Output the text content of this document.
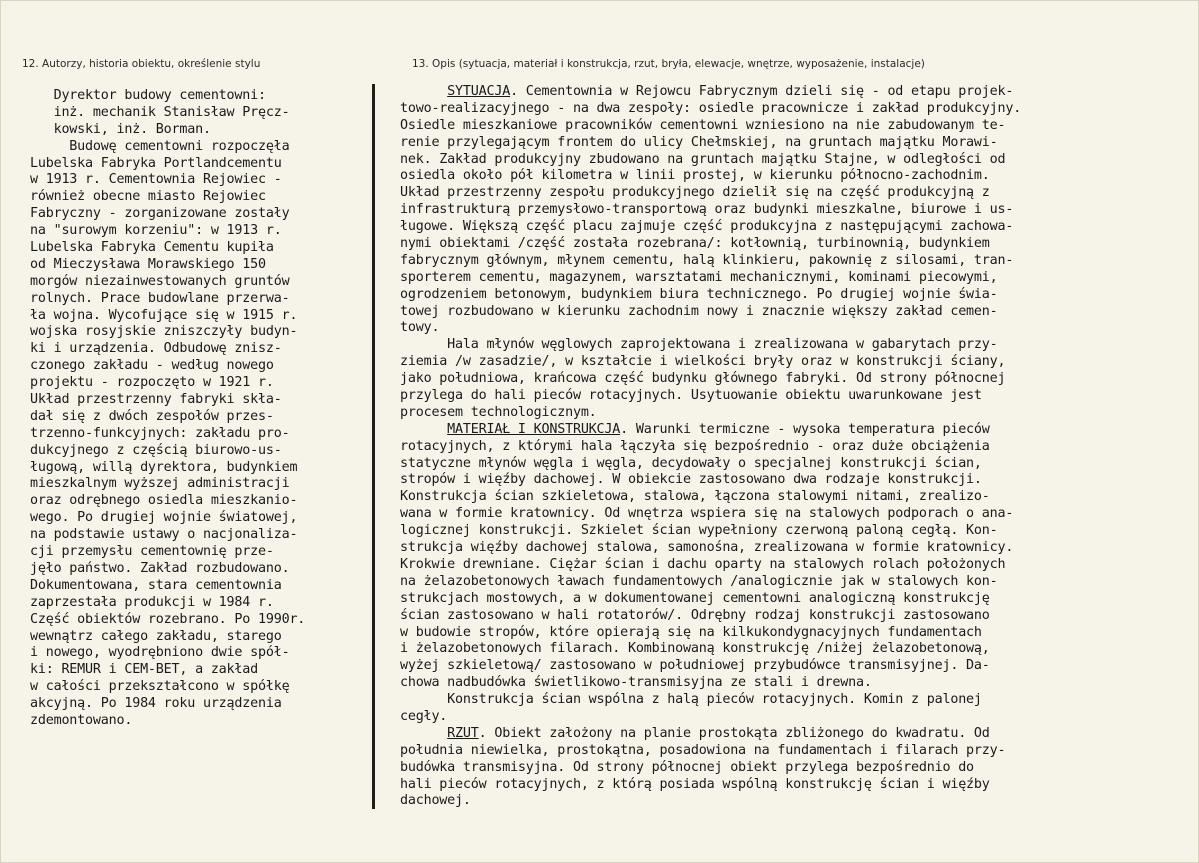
12. Autorzy, historia obiektu, określenie stylu	13. Opis (sytuacja, materiał i konstrukcja, rzut, bryła, elewacje, wnętrze, wyposażenie, instalacje)
Dyrektor budowy cementowni:
inż. mechanik Stanisław Pręcz-
kowski, inż. Borman.
Budowę cementowni rozpoczęła
Lubelska Fabryka Portlandcementu
w 1913 r. Cementownia Rejowiec -
również obecne miasto Rejowiec
Fabryczny - zorganizowane zostały
na "surowym korzeniu": w 1913 r.
Lubelska Fabryka Cementu kupiła
od Mieczysława Morawskiego 150
morgów niezainwestowanych gruntów
rolnych. Prace budowlane przerwa-
ła wojna. Wycofujące się w 1915 r.
wojska rosyjskie zniszczyły budyn-
ki i urządzenia. Odbudowę znisz-
czonego zakładu - według nowego
projektu - rozpoczęto w 1921 r.
Układ przestrzenny fabryki skła-
dał się z dwóch zespołów przes-
trzenno-funkcyjnych: zakładu pro-
dukcyjnego z częścią biurowo-us-
ługową, willą dyrektora, budynkiem
mieszkalnym wyższej administracji
oraz odrębnego osiedla mieszkanio-
wego. Po drugiej wojnie światowej,
na podstawie ustawy o nacjonaliza-
cji przemysłu cementownię prze-
jęło państwo. Zakład rozbudowano.
Dokumentowana, stara cementownia
zaprzestała produkcji w 1984 r.
Część obiektów rozebrano. Po 1990r.
wewnątrz całego zakładu, starego
i nowego, wyodrębniono dwie spół-
ki: REMUR i CEM-BET, a zakład
w całości przekształcono w spółkę
akcyjną. Po 1984 roku urządzenia
zdemontowano.
SYTUACJA. Cementownia w Rejowcu Fabrycznym dzieli się - od etapu projek-
towo-realizacyjnego - na dwa zespoły: osiedle pracownicze i zakład produkcyjny.
Osiedle mieszkaniowe pracowników cementowni wzniesiono na nie zabudowanym te-
renie przylegającym frontem do ulicy Chełmskiej, na gruntach majątku Morawi-
nek. Zakład produkcyjny zbudowano na gruntach majątku Stajne, w odległości od
osiedla około pół kilometra w linii prostej, w kierunku północno-zachodnim.
Układ przestrzenny zespołu produkcyjnego dzielił się na część produkcyjną z
infrastrukturą przemysłowo-transportową oraz budynki mieszkalne, biurowe i us-
ługowe. Większą część placu zajmuje część produkcyjna z następującymi zachowa-
nymi obiektami /część została rozebrana/: kotłownią, turbinownią, budynkiem
fabrycznym głównym, młynem cementu, halą klinkieru, pakownię z silosami, tran-
sporterem cementu, magazynem, warsztatami mechanicznymi, kominami piecowymi,
ogrodzeniem betonowym, budynkiem biura technicznego. Po drugiej wojnie świa-
towej rozbudowano w kierunku zachodnim nowy i znacznie większy zakład cemen-
towy.
Hala młynów węglowych zaprojektowana i zrealizowana w gabarytach przy-
ziemia /w zasadzie/, w kształcie i wielkości bryły oraz w konstrukcji ściany,
jako południowa, krańcowa część budynku głównego fabryki. Od strony północnej
przylega do hali pieców rotacyjnych. Usytuowanie obiektu uwarunkowane jest
procesem technologicznym.
MATERIAŁ I KONSTRUKCJA. Warunki termiczne - wysoka temperatura pieców
rotacyjnych, z którymi hala łączyła się bezpośrednio - oraz duże obciążenia
statyczne młynów węgla i węgla, decydowały o specjalnej konstrukcji ścian,
stropów i więźby dachowej. W obiekcie zastosowano dwa rodzaje konstrukcji.
Konstrukcja ścian szkieletowa, stalowa, łączona stalowymi nitami, zrealizo-
wana w formie kratownicy. Od wnętrza wspiera się na stalowych podporach o ana-
logicznej konstrukcji. Szkielet ścian wypełniony czerwoną paloną cegłą. Kon-
strukcja więźby dachowej stalowa, samonośna, zrealizowana w formie kratownicy.
Krokwie drewniane. Ciężar ścian i dachu oparty na stalowych rolach położonych
na żelazobetonowych ławach fundamentowych /analogicznie jak w stalowych kon-
strukcjach mostowych, a w dokumentowanej cementowni analogiczną konstrukcję
ścian zastosowano w hali rotatorów/. Odrębny rodzaj konstrukcji zastosowano
w budowie stropów, które opierają się na kilkukondygnacyjnych fundamentach
i żelazobetonowych filarach. Kombinowaną konstrukcję /niżej żelazobetonową,
wyżej szkieletową/ zastosowano w południowej przybudówce transmisyjnej. Da-
chowa nadbudówka świetlikowo-transmisyjna ze stali i drewna.
Konstrukcja ścian wspólna z halą pieców rotacyjnych. Komin z palonej
cegły.
RZUT. Obiekt założony na planie prostokąta zbliżonego do kwadratu. Od
południa niewielka, prostokątna, posadowiona na fundamentach i filarach przy-
budówka transmisyjna. Od strony północnej obiekt przylega bezpośrednio do
hali pieców rotacyjnych, z którą posiada wspólną konstrukcję ścian i więźby
dachowej.
